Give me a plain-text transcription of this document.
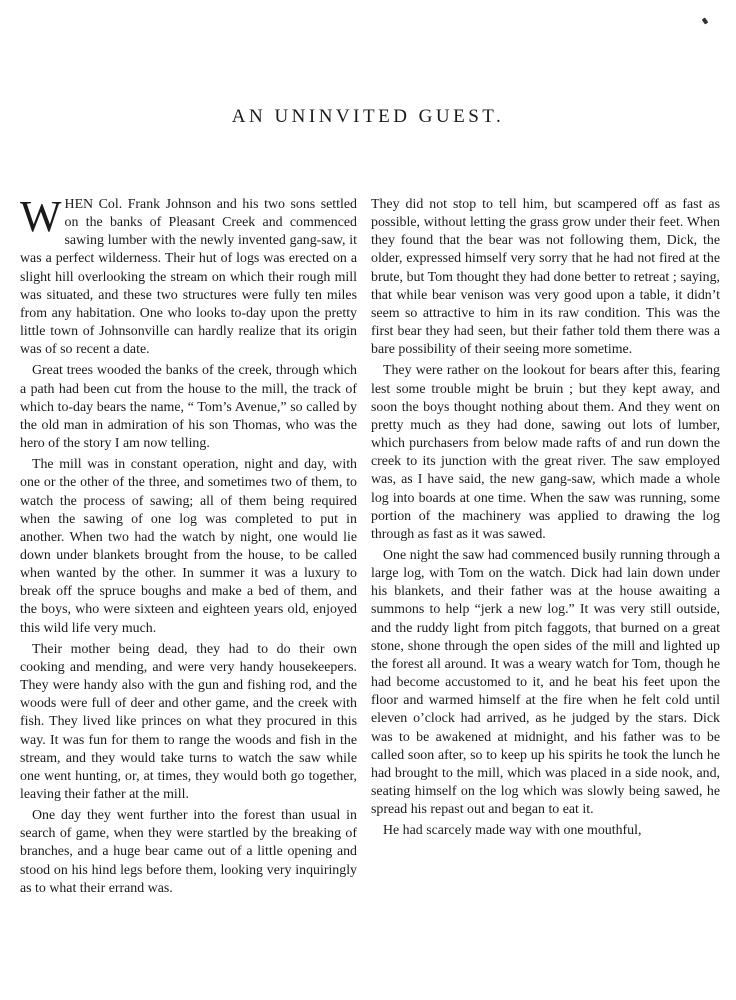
AN UNINVITED GUEST.

WHEN Col. Frank Johnson and his two sons settled on the banks of Pleasant Creek and commenced sawing lumber with the newly invented gang-saw, it was a perfect wilderness. Their hut of logs was erected on a slight hill overlooking the stream on which their rough mill was situated, and these two structures were fully ten miles from any habitation. One who looks to-day upon the pretty little town of Johnsonville can hardly realize that its origin was of so recent a date.

Great trees wooded the banks of the creek, through which a path had been cut from the house to the mill, the track of which to-day bears the name, “ Tom’s Avenue,” so called by the old man in admiration of his son Thomas, who was the hero of the story I am now telling.

The mill was in constant operation, night and day, with one or the other of the three, and sometimes two of them, to watch the process of sawing; all of them being required when the sawing of one log was completed to put in another. When two had the watch by night, one would lie down under blankets brought from the house, to be called when wanted by the other. In summer it was a luxury to break off the spruce boughs and make a bed of them, and the boys, who were sixteen and eighteen years old, enjoyed this wild life very much.

Their mother being dead, they had to do their own cooking and mending, and were very handy housekeepers. They were handy also with the gun and fishing rod, and the woods were full of deer and other game, and the creek with fish. They lived like princes on what they procured in this way. It was fun for them to range the woods and fish in the stream, and they would take turns to watch the saw while one went hunting, or, at times, they would both go together, leaving their father at the mill.

One day they went further into the forest than usual in search of game, when they were startled by the breaking of branches, and a huge bear came out of a little opening and stood on his hind legs before them, looking very inquiringly as to what their errand was.

They did not stop to tell him, but scampered off as fast as possible, without letting the grass grow under their feet. When they found that the bear was not following them, Dick, the older, expressed himself very sorry that he had not fired at the brute, but Tom thought they had done better to retreat ; saying, that while bear venison was very good upon a table, it didn’t seem so attractive to him in its raw condition. This was the first bear they had seen, but their father told them there was a bare possibility of their seeing more sometime.

They were rather on the lookout for bears after this, fearing lest some trouble might be bruin ; but they kept away, and soon the boys thought nothing about them. And they went on pretty much as they had done, sawing out lots of lumber, which purchasers from below made rafts of and run down the creek to its junction with the great river. The saw employed was, as I have said, the new gang-saw, which made a whole log into boards at one time. When the saw was running, some portion of the machinery was applied to drawing the log through as fast as it was sawed.

One night the saw had commenced busily running through a large log, with Tom on the watch. Dick had lain down under his blankets, and their father was at the house awaiting a summons to help “jerk a new log.” It was very still outside, and the ruddy light from pitch faggots, that burned on a great stone, shone through the open sides of the mill and lighted up the forest all around. It was a weary watch for Tom, though he had become accustomed to it, and he beat his feet upon the floor and warmed himself at the fire when he felt cold until eleven o’clock had arrived, as he judged by the stars. Dick was to be awakened at midnight, and his father was to be called soon after, so to keep up his spirits he took the lunch he had brought to the mill, which was placed in a side nook, and, seating himself on the log which was slowly being sawed, he spread his repast out and began to eat it.

He had scarcely made way with one mouthful,
